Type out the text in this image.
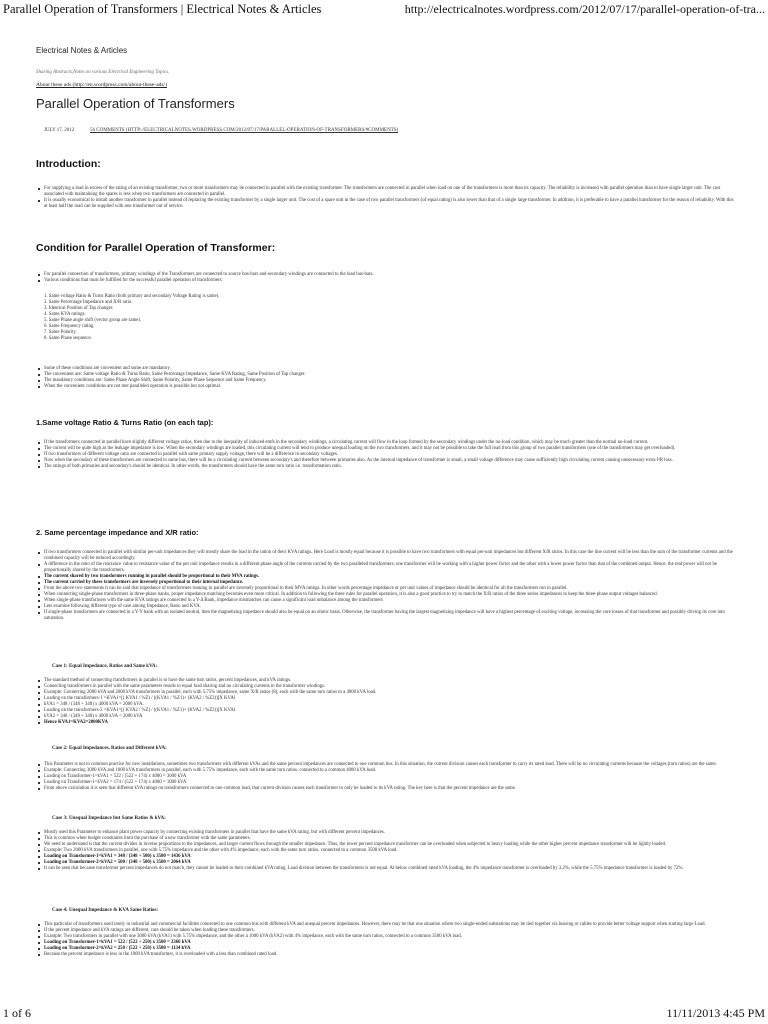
Parallel Operation of Transformers | Electrical Notes & Articles	http://electricalnotes.wordpress.com/2012/07/17/parallel-operation-of-tra...
Electrical Notes & Articles
Sharing Abstracts,Notes on various Electrical Engineering Topics.
About these ads (http://en.wordpress.com/about-these-ads/)
Parallel Operation of Transformers
JULY 17, 2012	56 COMMENTS (HTTP://ELECTRICALNOTES.WORDPRESS.COM/2012/07/17/PARALLEL-OPERATION-OF-TRANSFORMERS/#COMMENTS)
Introduction:
For supplying a load in excess of the rating of an existing transformer, two or more transformers may be connected in parallel with the existing transformer. The transformers are connected in parallel when load on one of the transformers is more than its capacity. The reliability is increased with parallel operation than to have single larger unit. The cost associated with maintaining the spares is less when two transformers are connected in parallel.
It is usually economical to install another transformer in parallel instead of replacing the existing transformer by a single larger unit. The cost of a spare unit in the case of two parallel transformers (of equal rating) is also lower than that of a single large transformer. In addition, it is preferable to have a parallel transformer for the reason of reliability. With this at least half the load can be supplied with one transformer out of service.
Condition for Parallel Operation of Transformer:
For parallel connection of transformers, primary windings of the Transformers are connected to source bus-bars and secondary windings are connected to the load bus-bars.
Various conditions that must be fulfilled for the successful parallel operation of transformers:
1. Same voltage Ratio & Turns Ratio (both primary and secondary Voltage Rating is same).
2. Same Percentage Impedance and X/R ratio.
3. Identical Position of Tap changer.
4. Same KVA ratings.
5. Same Phase angle shift (vector group are same).
6. Same Frequency rating.
7. Same Polarity.
8. Same Phase sequence.
Some of these conditions are convenient and some are mandatory.
The convenient are: Same voltage Ratio & Turns Ratio, Same Percentage Impedance, Same KVA Rating, Same Position of Tap changer.
The mandatory conditions are: Same Phase Angle Shift, Same Polarity, Same Phase Sequence and Same Frequency.
When the convenient conditions are not met paralleled operation is possible but not optimal.
1.Same voltage Ratio & Turns Ratio (on each tap):
If the transformers connected in parallel have slightly different voltage ratios, then due to the inequality of induced emfs in the secondary windings, a circulating current will flow in the loop formed by the secondary windings under the no-load condition, which may be much greater than the normal no-load current.
The current will be quite high as the leakage impedance is low. When the secondary windings are loaded, this circulating current will tend to produce unequal loading on the two transformers, and it may not be possible to take the full load from this group of two parallel transformers (one of the transformers may get overloaded).
If two transformers of different voltage ratio are connected in parallel with same primary supply voltage, there will be a difference in secondary voltages.
Now when the secondary of these transformers are connected to same bus, there will be a circulating current between secondary's and therefore between primaries also. As the internal impedance of transformer is small, a small voltage difference may cause sufficiently high circulating current causing unnecessary extra I²R loss.
The ratings of both primaries and secondary's should be identical. In other words, the transformers should have the same turn ratio i.e. transformation ratio.
2. Same percentage impedance and X/R ratio:
If two transformers connected in parallel with similar per-unit impedances they will mostly share the load in the ration of their KVA ratings. Here Load is mostly equal because it is possible to have two transformers with equal per-unit impedances but different X/R ratios. In this case the line current will be less than the sum of the transformer currents and the combined capacity will be reduced accordingly.
A difference in the ratio of the reactance value to resistance value of the per unit impedance results in a different phase angle of the currents carried by the two paralleled transformers; one transformer will be working with a higher power factor and the other with a lower power factor than that of the combined output. Hence, the real power will not be proportionally shared by the transformers.
The current shared by two transformers running in parallel should be proportional to their MVA ratings.
The current carried by these transformers are inversely proportional to their internal impedance.
From the above two statements it can be said that impedance of transformers running in parallel are inversely proportional to their MVA ratings. In other words percentage impedance or per unit values of impedance should be identical for all the transformers run in parallel.
When connecting single-phase transformers in three-phase banks, proper impedance matching becomes even more critical. In addition to following the three rules for parallel operation, it is also a good practice to try to match the X/R ratios of the three series impedances to keep the three-phase output voltages balanced.
When single-phase transformers with the same KVA ratings are connected in a Y-Δ Bank, impedance mismatches can cause a significant load unbalance among the transformers
Lets examine following different type of case among Impedance, Ratio and KVA.
If single-phase transformers are connected in a Y-Y bank with an isolated neutral, then the magnetizing impedance should also be equal on an ohmic basis. Otherwise, the transformer having the largest magnetizing impedance will have a highest percentage of exciting voltage, increasing the core losses of that transformer and possibly driving its core into saturation.
Case 1: Equal Impedance, Ratios and Same kVA:
The standard method of connecting transformers in parallel is to have the same turn ratios, percent impedances, and kVA ratings.
Connecting transformers in parallel with the same parameters results in equal load sharing and no circulating currents in the transformer windings.
Example: Connecting 2000 kVA and 2000 kVA transformers in parallel, each with 5.75% impedance, same X/R ratios (8), each with the same turn ratios to a 4000 kVA load.
Loading on the transformers-1 =KVA1=[( KVA1 / %Z) / ((KVA1 / %Z1)+ (KVA2 / %Z2))]X KVAl
kVA1 = 348 / (348 + 348) x 4000 kVA = 2000 kVA.
Loading on the transformers-2 =KVA1=[( KVA2 / %Z) / ((KVA1 / %Z1)+ (KVA2 / %Z2))]X KVAl
kVA2 = 348 / (348 + 348) x 4000 kVA = 2000 kVA
Hence KVA1=KVA2=2000KVA
Case 2: Equal Impedances, Ratios and Different kVA:
This Parameter is not in common practice for new installations, sometimes two transformers with different kVAs and the same percent impedances are connected to one common bus. In this situation, the current division causes each transformer to carry its rated load. There will be no circulating currents because the voltages (turn ratios) are the same.
Example: Connecting 3000 kVA and 1000 kVA transformers in parallel, each with 5.75% impedance, each with the same turn ratios, connected to a common 4000 kVA load.
Loading on Transformer-1=kVA1 = 522 / (522 + 174) x 4000 = 3000 kVA
Loading on Transformer-1=kVA2 = 174 / (522 + 174) x 4000 = 1000 kVA
From above calculation it is seen that different kVA ratings on transformers connected to one common load, that current division causes each transformer to only be loaded to its kVA rating. The key here is that the percent impedance are the same.
Case 3: Unequal Impedance but Same Ratios & kVA:
Mostly used this Parameter to enhance plant power capacity by connecting existing transformers in parallel that have the same kVA rating, but with different percent impedances.
This is common when budget constraints limit the purchase of a new transformer with the same parameters.
We need to understand is that the current divides in inverse proportions to the impedances, and larger current flows through the smaller impedance. Thus, the lower percent impedance transformer can be overloaded when subjected to heavy loading while the other higher percent impedance transformer will be lightly loaded.
Example: Two 2000 kVA transformers in parallel, one with 5.75% impedance and the other with 4% impedance, each with the same turn ratios, connected to a common 3500 kVA load.
Loading on Transformer-1=kVA1 = 348 / (348 + 500) x 3500 = 1436 kVA
Loading on Transformer-2=kVA2 = 500 / (348 + 500) x 3500 = 2064 kVA
It can be seen that because transformer percent impedances do not match, they cannot be loaded to their combined kVA rating. Load division between the transformers is not equal. At below combined rated kVA loading, the 4% impedance transformer is overloaded by 3.2%, while the 5.75% impedance transformer is loaded by 72%.
Case 4: Unequal Impedance & KVA Same Ratios:
This particular of transformers used rarely in industrial and commercial facilities connected to one common bus with different kVA and unequal percent impedances. However, there may be that one situation where two single-ended substations may be tied together via bussing or cables to provide better voltage support when starting large Load.
If the percent impedance and kVA ratings are different, care should be taken when loading these transformers.
Example: Two transformers in parallel with one 3000 kVA (kVA1) with 5.75% impedance, and the other a 1000 kVA (kVA2) with 4% impedance, each with the same turn ratios, connected to a common 3500 kVA load.
Loading on Transformer-1=kVA1 = 522 / (522 + 250) x 3500 = 2366 kVA
Loading on Transformer-2=kVA2 = 250 / (522 + 250) x 3500 = 1134 kVA
Because the percent impedance is less in the 1000 kVA transformer, it is overloaded with a less than combined rated load.
1 of 6	11/11/2013 4:45 PM
